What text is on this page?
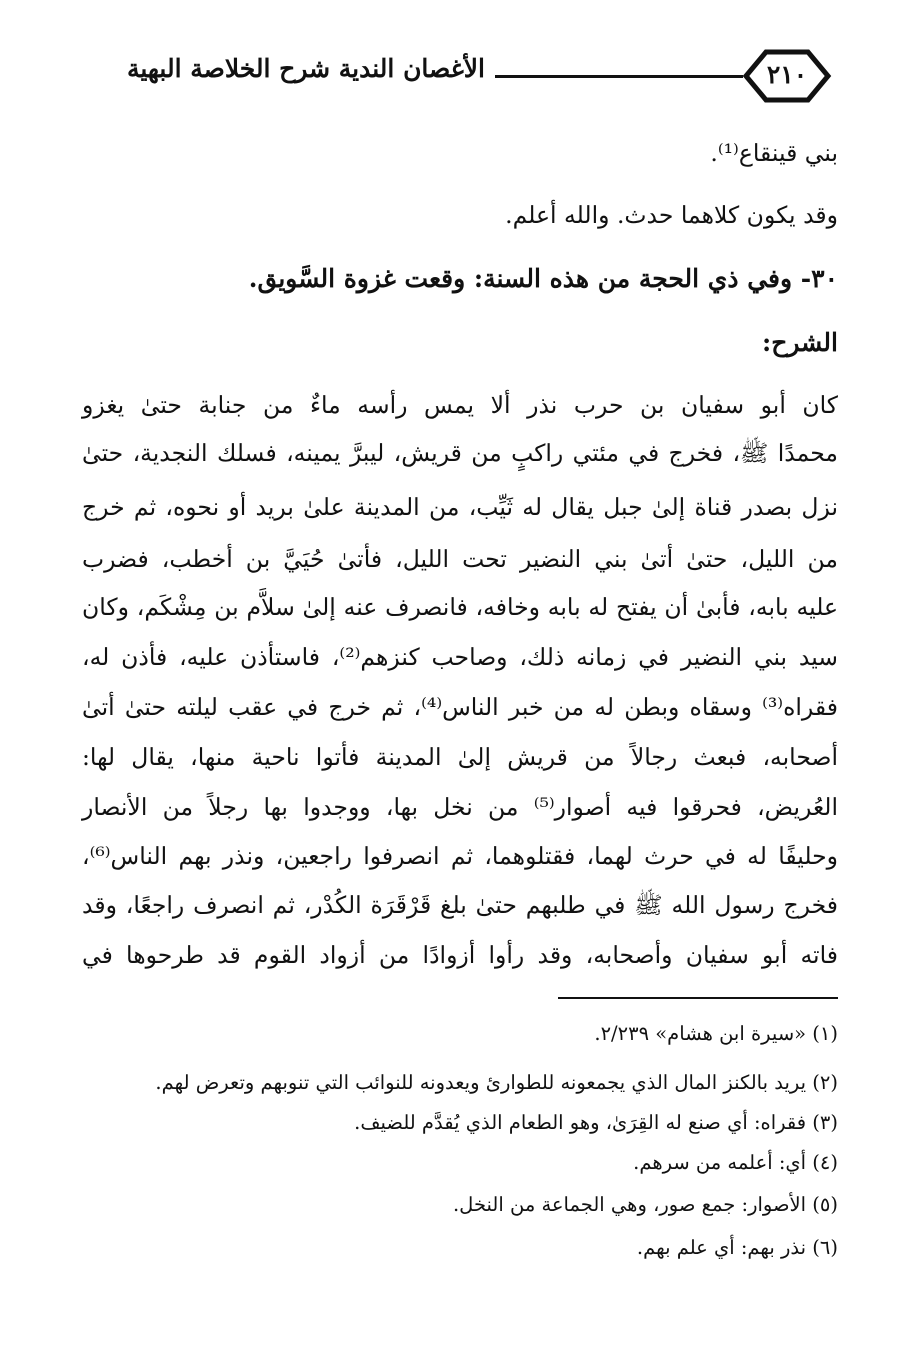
٢١٠
الأغصان الندية شرح الخلاصة البهية
بني قينقاع⁽¹⁾.
وقد يكون كلاهما حدث. والله أعلم.
٣٠- وفي ذي الحجة من هذه السنة: وقعت غزوة السَّويق.
الشرح:
كان أبو سفيان بن حرب نذر ألا يمس رأسه ماءٌ من جنابة حتىٰ يغزو
محمدًا ﷺ، فخرج في مئتي راكبٍ من قريش، ليبرَّ يمينه، فسلك النجدية، حتىٰ
نزل بصدر قناة إلىٰ جبل يقال له ثَيِّب، من المدينة علىٰ بريد أو نحوه، ثم خرج
من الليل، حتىٰ أتىٰ بني النضير تحت الليل، فأتىٰ حُيَيَّ بن أخطب، فضرب
عليه بابه، فأبىٰ أن يفتح له بابه وخافه، فانصرف عنه إلىٰ سلاَّم بن مِشْكَم، وكان
سيد بني النضير في زمانه ذلك، وصاحب كنزهم⁽²⁾، فاستأذن عليه، فأذن له،
فقراه⁽³⁾ وسقاه وبطن له من خبر الناس⁽⁴⁾، ثم خرج في عقب ليلته حتىٰ أتىٰ
أصحابه، فبعث رجالاً من قريش إلىٰ المدينة فأتوا ناحية منها، يقال لها:
العُريض، فحرقوا فيه أصوار⁽⁵⁾ من نخل بها، ووجدوا بها رجلاً من الأنصار
وحليفًا له في حرث لهما، فقتلوهما، ثم انصرفوا راجعين، ونذر بهم الناس⁽⁶⁾،
فخرج رسول الله ﷺ في طلبهم حتىٰ بلغ قَرْقَرَة الكُدْر، ثم انصرف راجعًا، وقد
فاته أبو سفيان وأصحابه، وقد رأوا أزوادًا من أزواد القوم قد طرحوها في
(١) «سيرة ابن هشام» ٢/٢٣٩.
(٢) يريد بالكنز المال الذي يجمعونه للطوارئ ويعدونه للنوائب التي تنوبهم وتعرض لهم.
(٣) فقراه: أي صنع له القِرَىٰ، وهو الطعام الذي يُقدَّم للضيف.
(٤) أي: أعلمه من سرهم.
(٥) الأصوار: جمع صور، وهي الجماعة من النخل.
(٦) نذر بهم: أي علم بهم.
